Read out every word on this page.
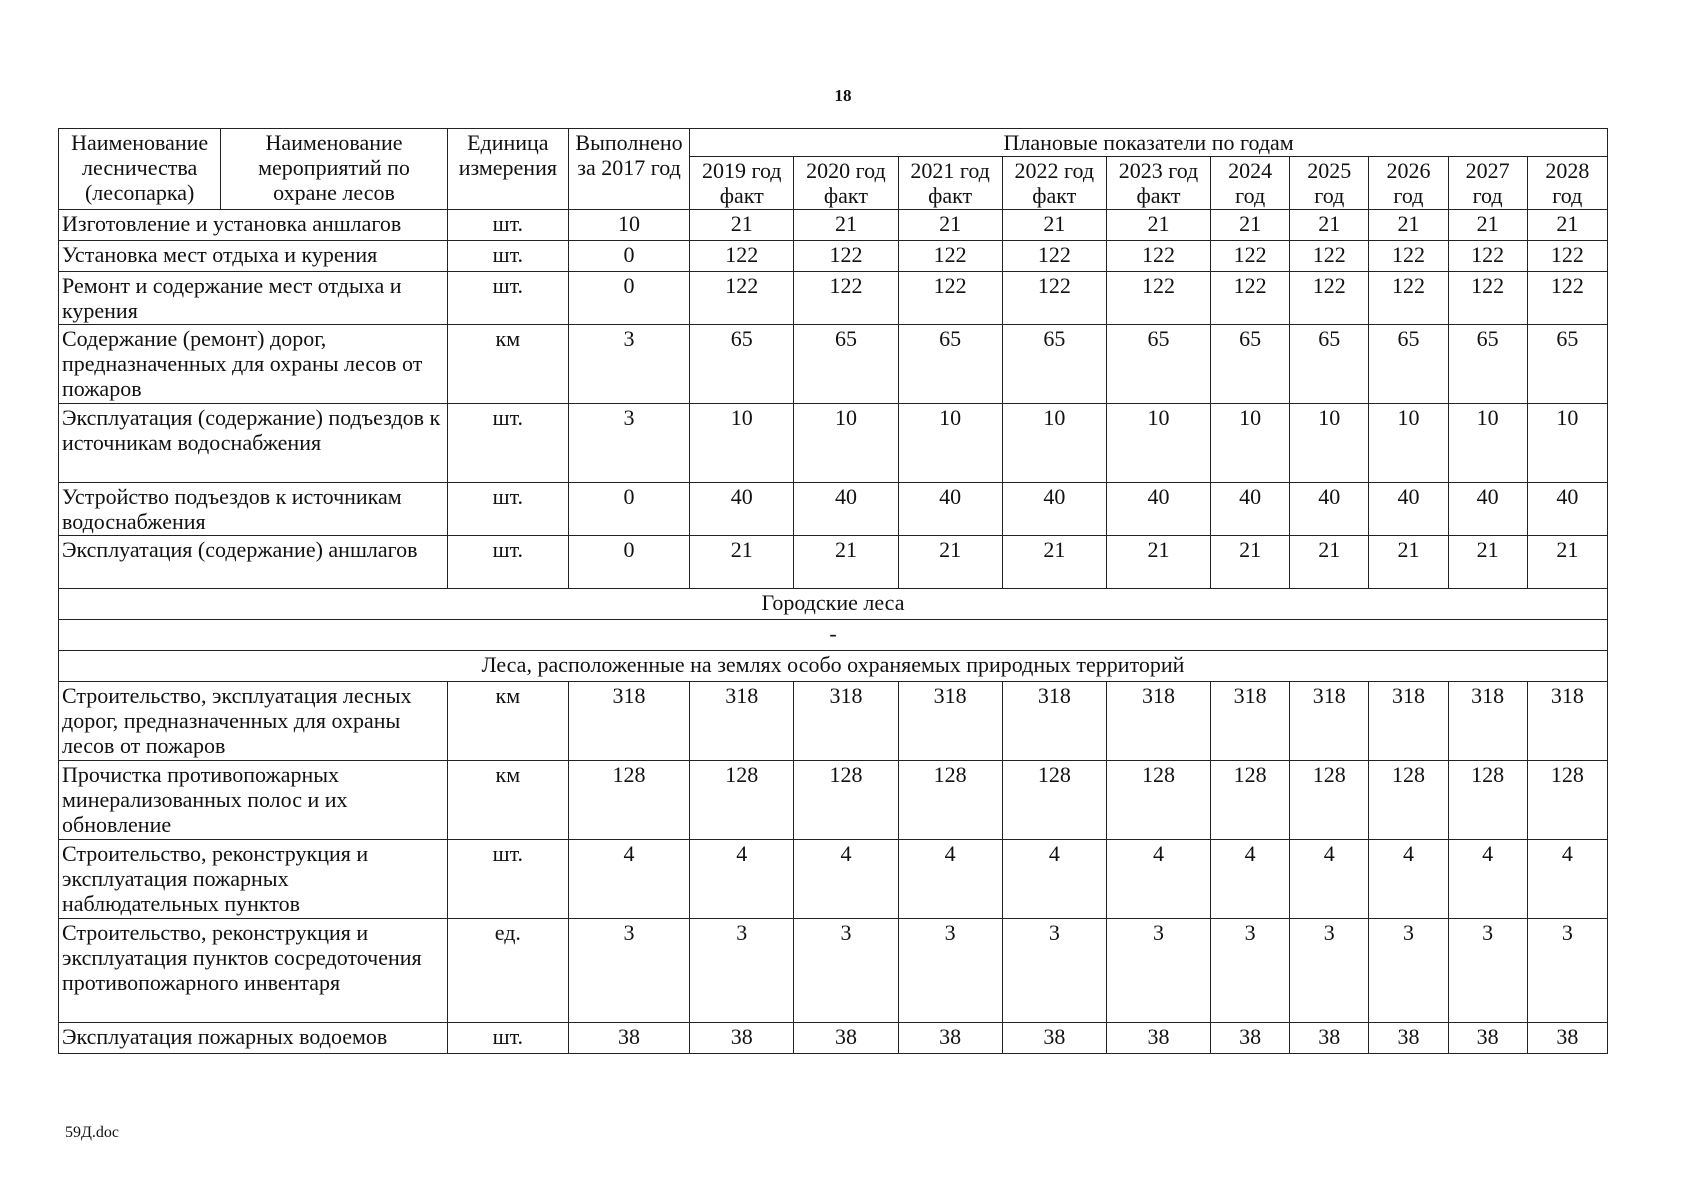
18
Наименование лесничества (лесопарка)	Наименование мероприятий по охране лесов	Единица измерения	Выполнено за 2017 год	Плановые показатели по годам									
				2019 год факт	2020 год факт	2021 год факт	2022 год факт	2023 год факт	2024 год	2025 год	2026 год	2027 год	2028 год
Изготовление и установка аншлагов		шт.	10	21	21	21	21	21	21	21	21	21	21
Установка мест отдыха и курения		шт.	0	122	122	122	122	122	122	122	122	122	122
Ремонт и содержание мест отдыха и курения		шт.	0	122	122	122	122	122	122	122	122	122	122
Содержание (ремонт) дорог, предназначенных для охраны лесов от пожаров		км	3	65	65	65	65	65	65	65	65	65	65
Эксплуатация (содержание) подъездов к источникам водоснабжения		шт.	3	10	10	10	10	10	10	10	10	10	10
Устройство подъездов к источникам водоснабжения		шт.	0	40	40	40	40	40	40	40	40	40	40
Эксплуатация (содержание) аншлагов		шт.	0	21	21	21	21	21	21	21	21	21	21
Городские леса													
-													
Леса, расположенные на землях особо охраняемых природных территорий													
Строительство, эксплуатация лесных дорог, предназначенных для охраны лесов от пожаров		км	318	318	318	318	318	318	318	318	318	318	318
Прочистка противопожарных минерализованных полос и их обновление		км	128	128	128	128	128	128	128	128	128	128	128
Строительство, реконструкция и эксплуатация пожарных наблюдательных пунктов		шт.	4	4	4	4	4	4	4	4	4	4	4
Строительство, реконструкция и эксплуатация пунктов сосредоточения противопожарного инвентаря		ед.	3	3	3	3	3	3	3	3	3	3	3
Эксплуатация пожарных водоемов		шт.	38	38	38	38	38	38	38	38	38	38	38
59Д.doc
